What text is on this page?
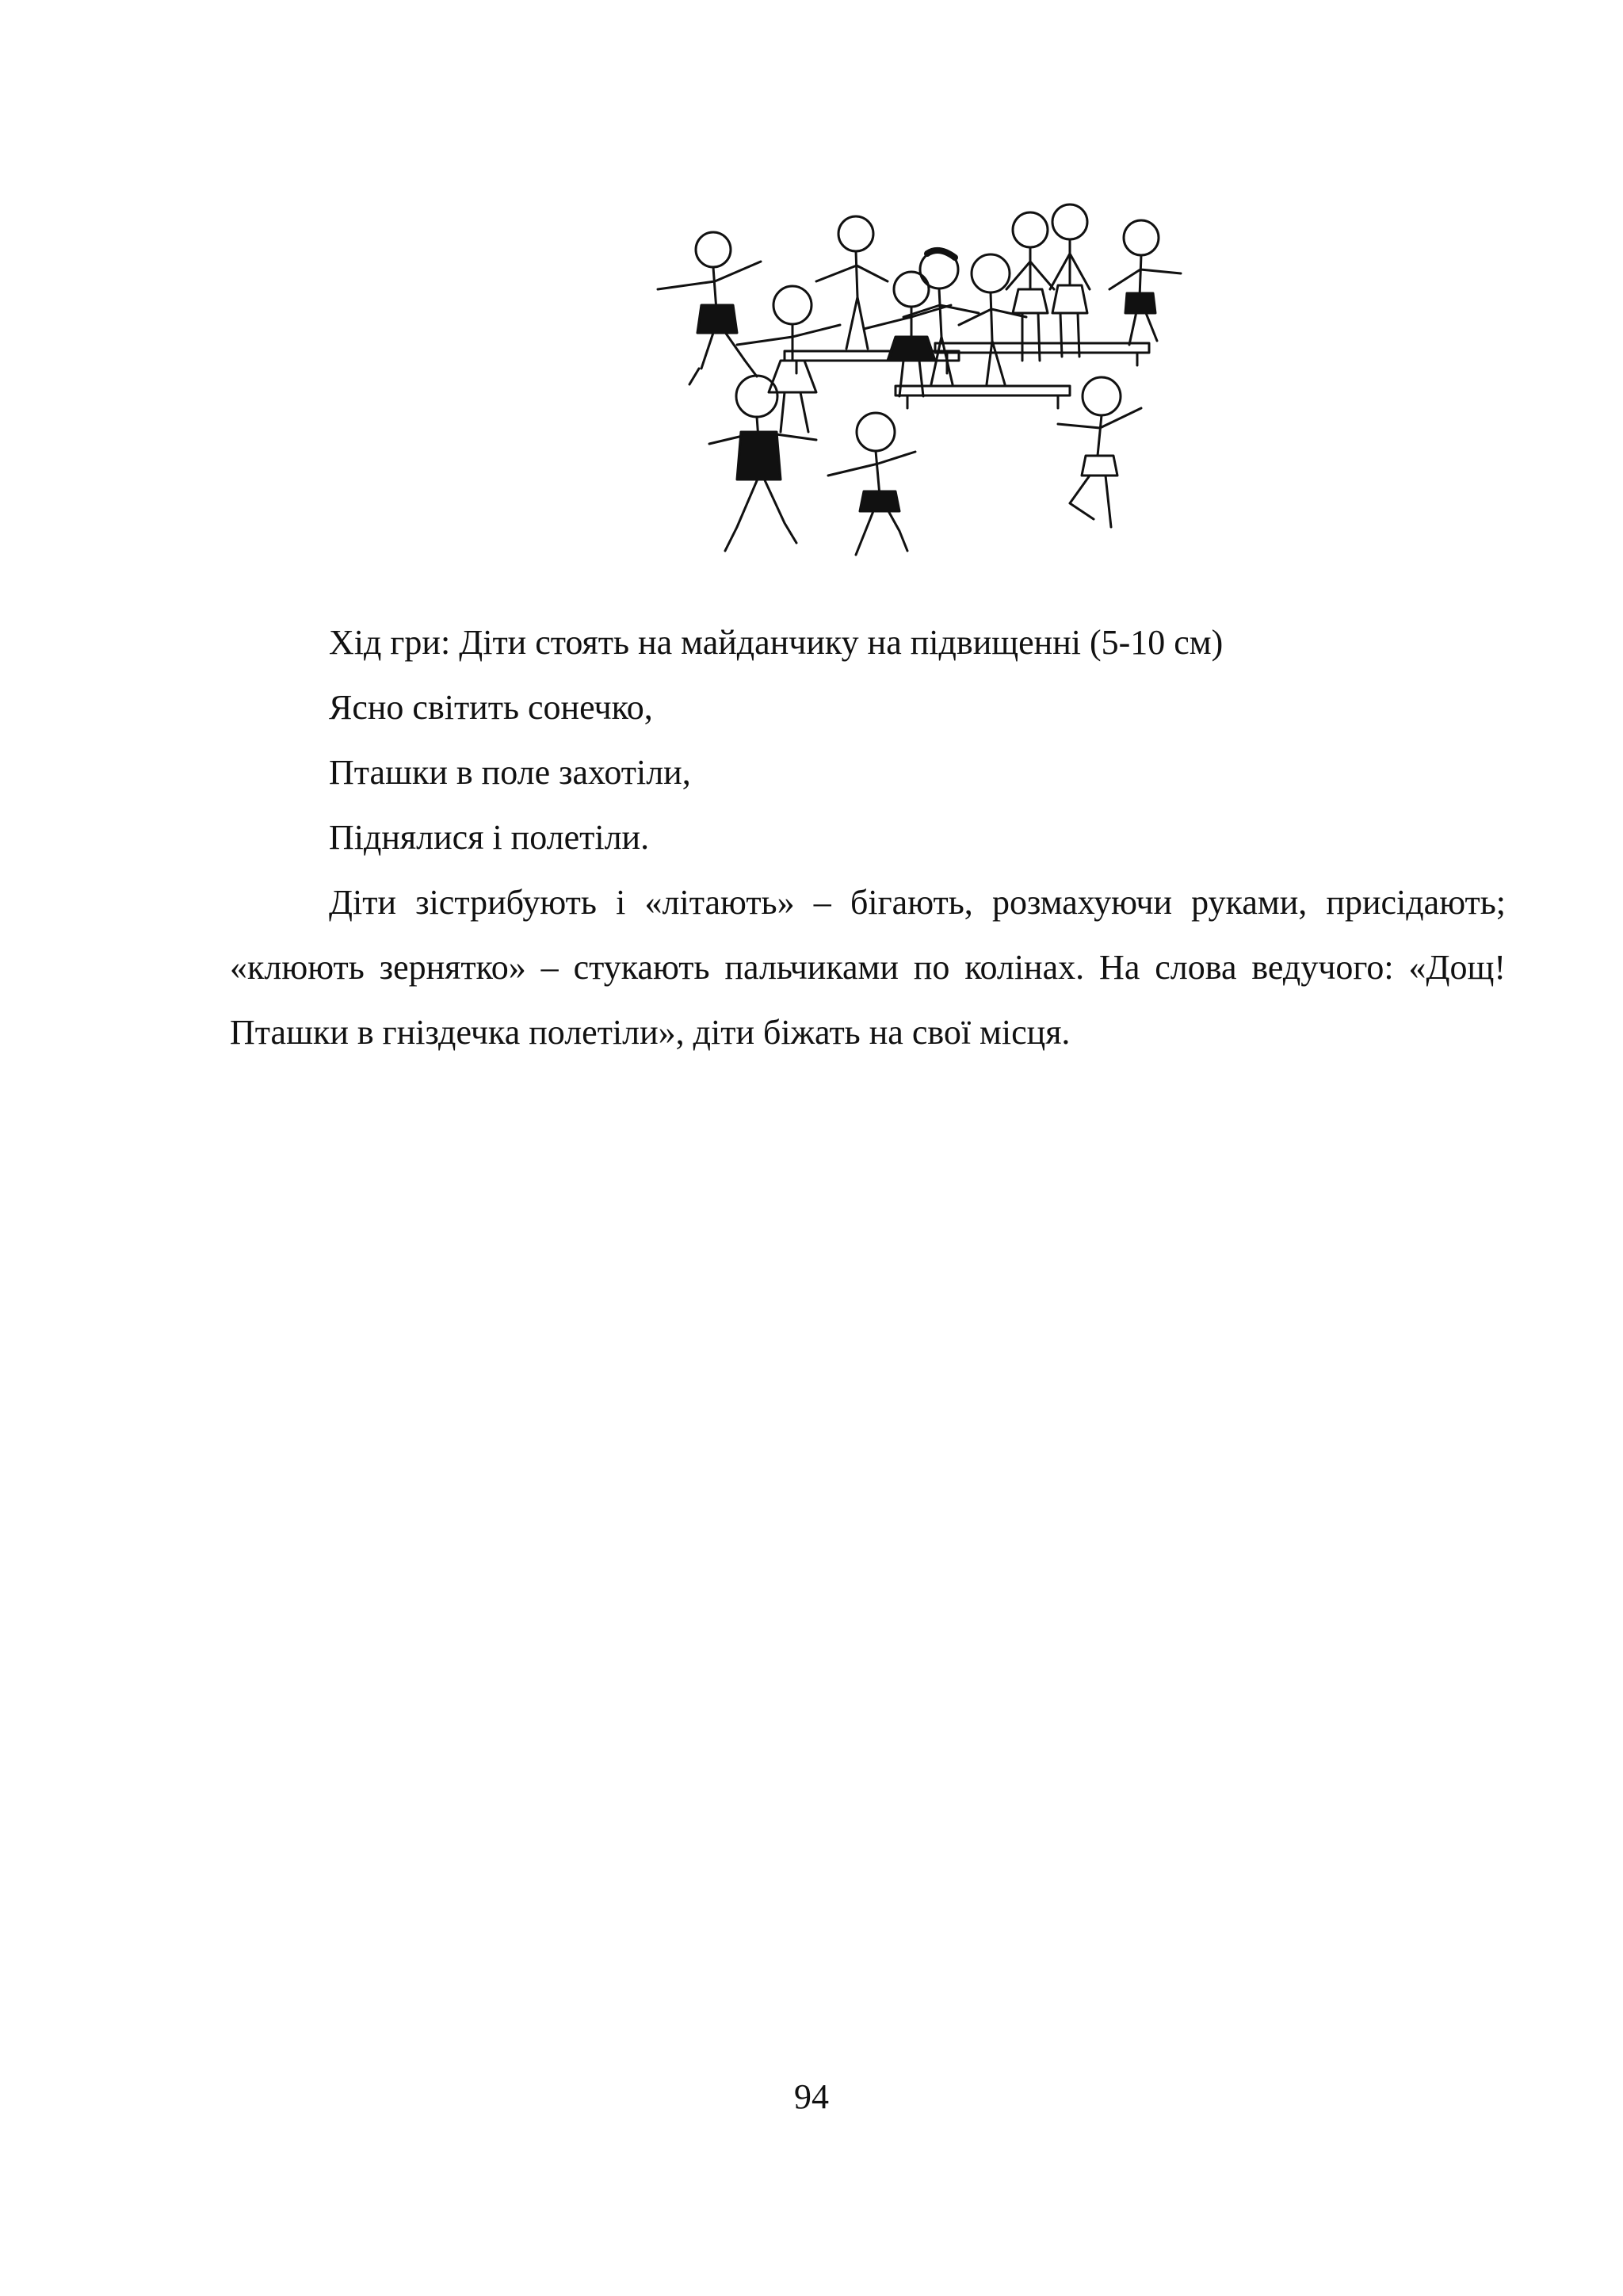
Хід гри: Діти стоять на майданчику на підвищенні (5-10 см)

Ясно світить сонечко,

Пташки в поле захотіли,

Піднялися і полетіли.

Діти зістрибують і «літають» – бігають, розмахуючи руками, присідають; «клюють зернятко» – стукають пальчиками по колінах. На слова ведучого: «Дощ! Пташки в гніздечка полетіли», діти біжать на свої місця.

94
